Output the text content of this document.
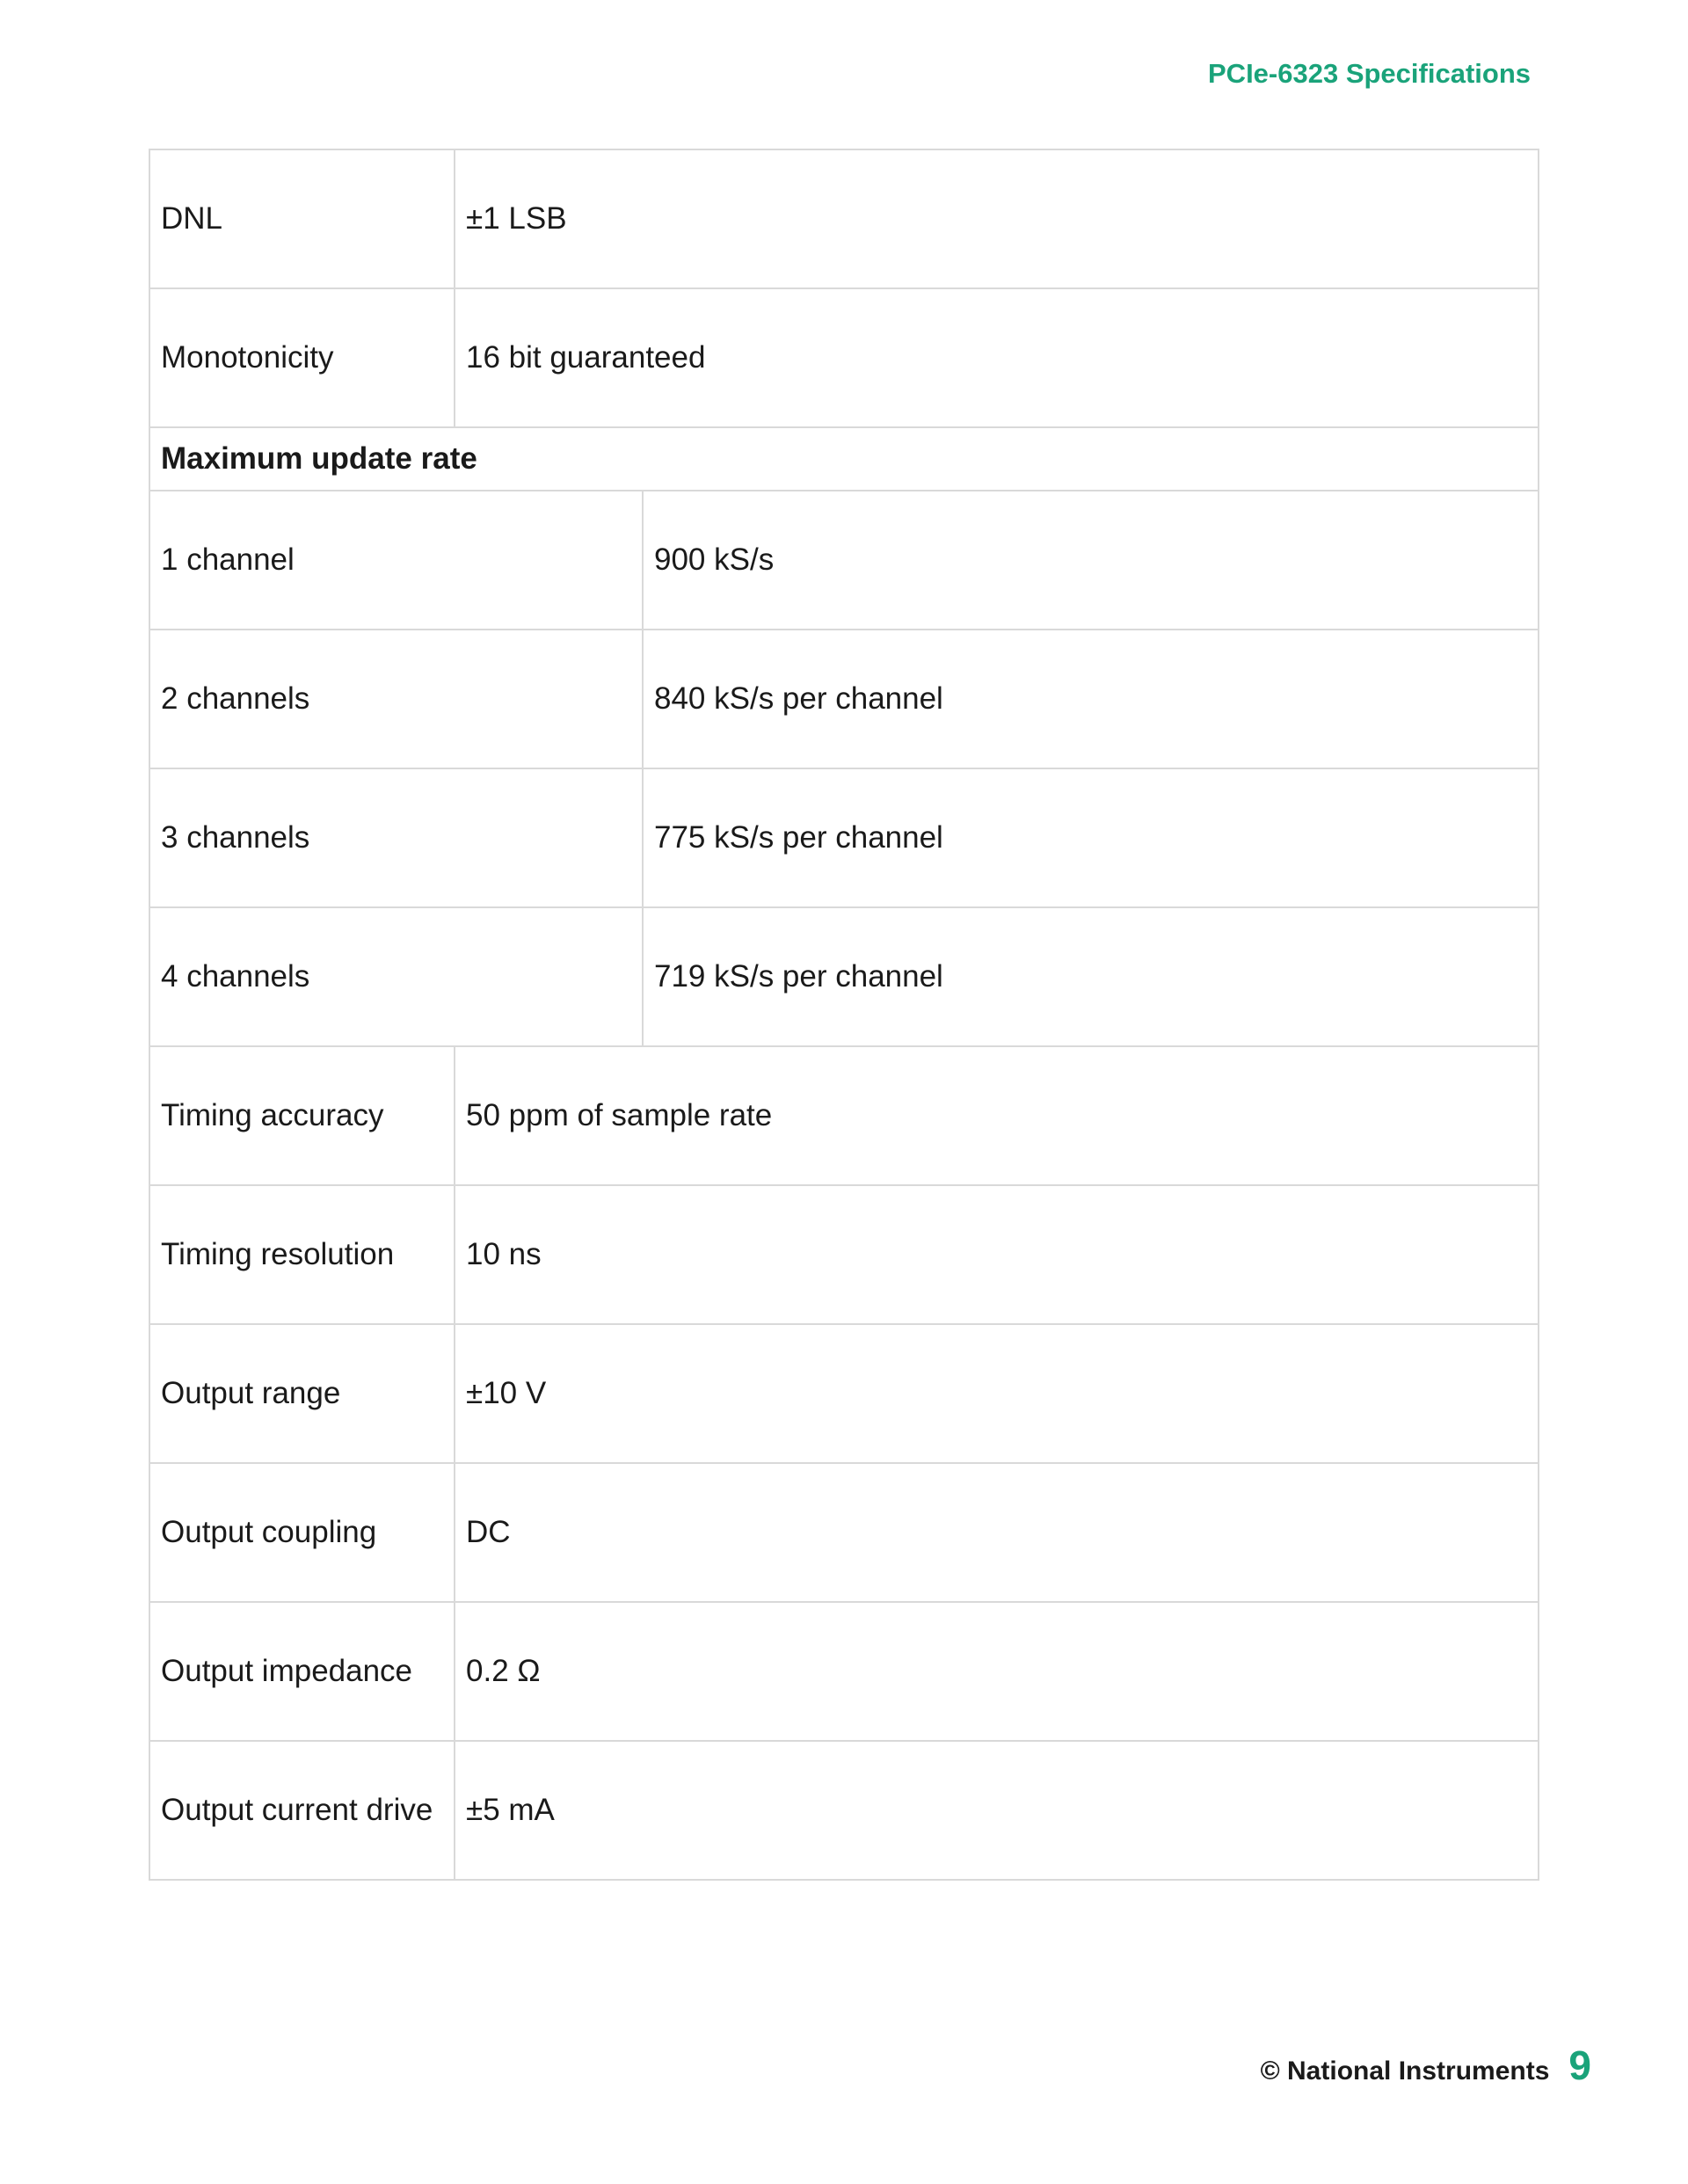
PCIe-6323 Specifications
DNL	±1 LSB	
Monotonicity	16 bit guaranteed	
Maximum update rate		
1 channel		900 kS/s
2 channels		840 kS/s per channel
3 channels		775 kS/s per channel
4 channels		719 kS/s per channel
Timing accuracy	50 ppm of sample rate	
Timing resolution	10 ns	
Output range	±10 V	
Output coupling	DC	
Output impedance	0.2 Ω	
Output current drive	±5 mA	
© National Instruments 9
